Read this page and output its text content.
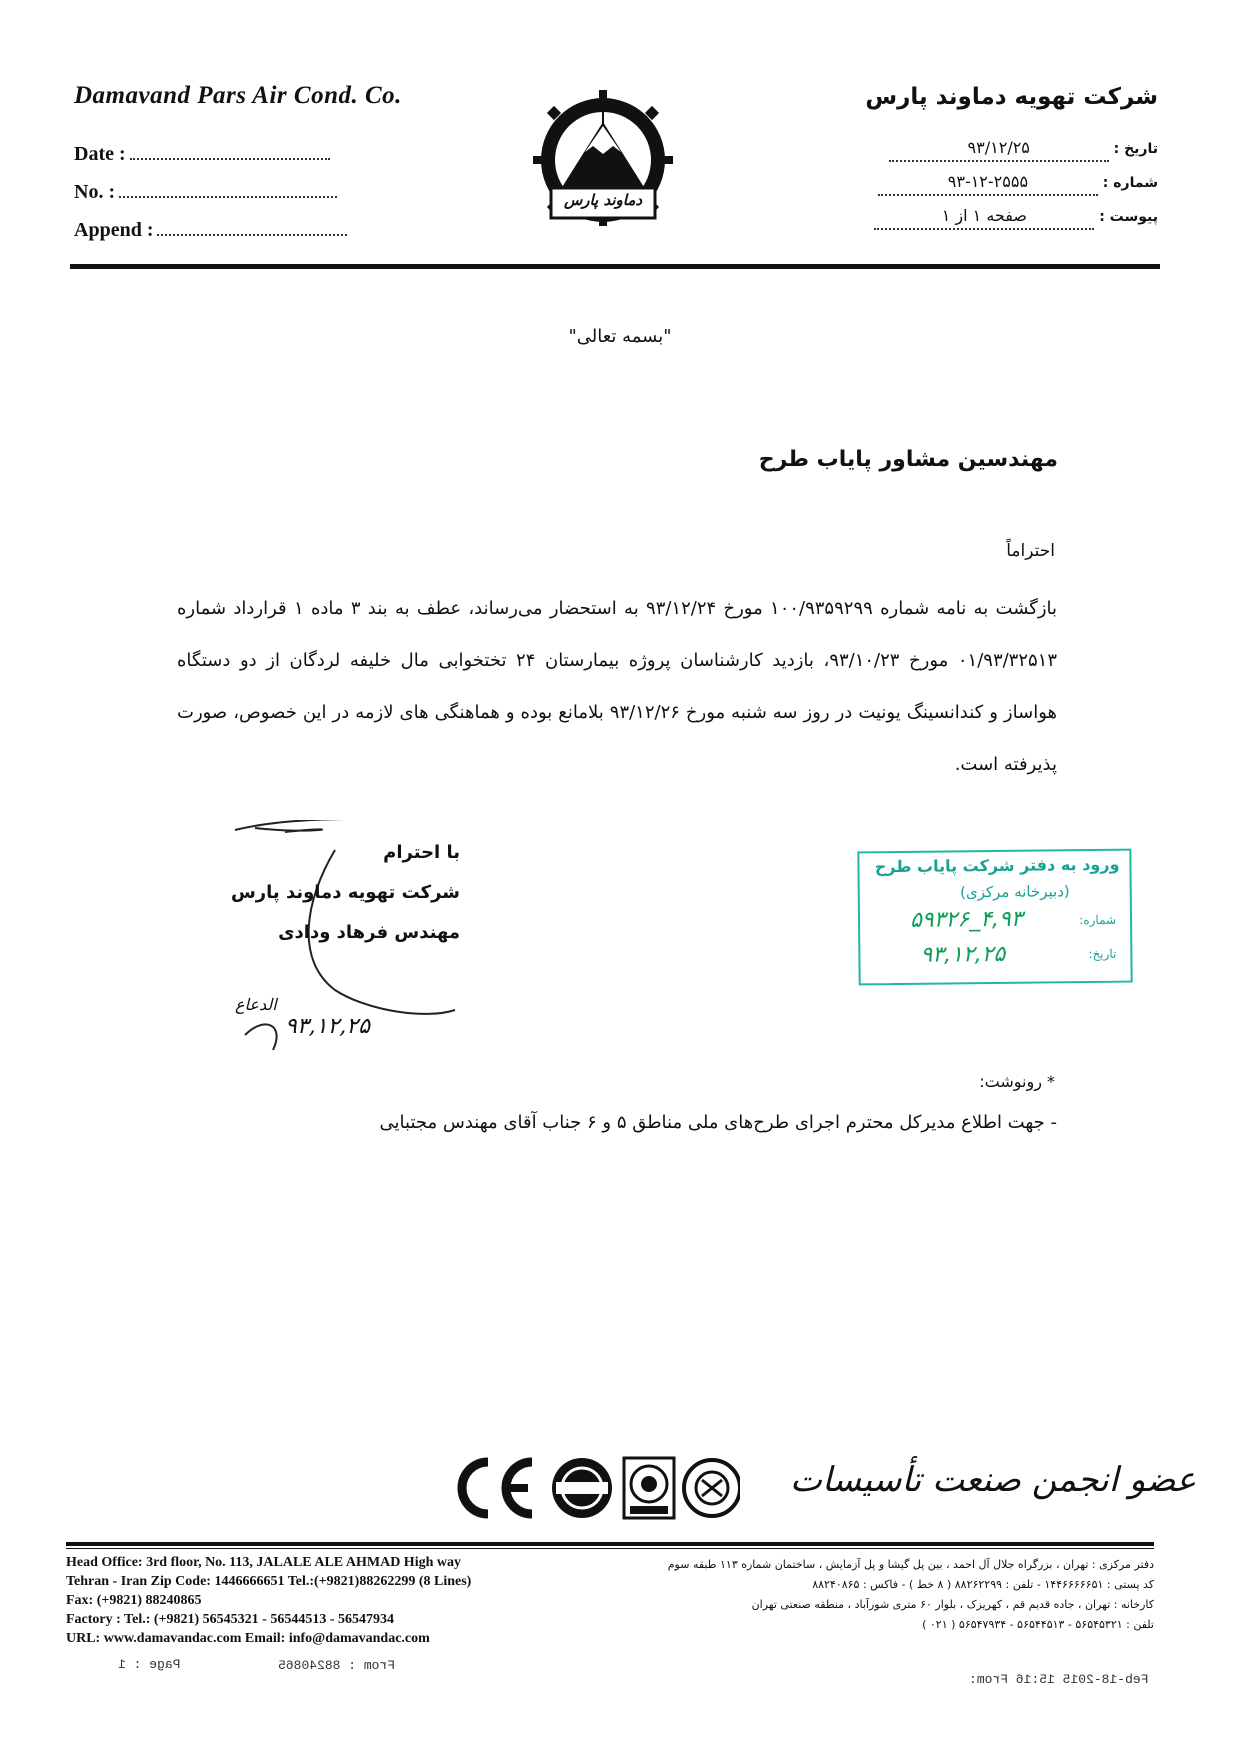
Damavand Pars Air Cond. Co.	شرکت تهویه دماوند پارس
Date :
No. :
Append :
تاریخ : ۹۳/۱۲/۲۵
شماره : ۹۳-۱۲-۲۵۵۵
پیوست : صفحه ۱ از ۱
دماوند پارس
"بسمه تعالی"
مهندسین مشاور پایاب طرح
احتراماً
بازگشت به نامه شماره ۱۰۰/۹۳۵۹۲۹۹ مورخ ۹۳/۱۲/۲۴ به استحضار می‌رساند، عطف به بند ۳ ماده ۱ قرارداد شماره ۰۱/۹۳/۳۲۵۱۳ مورخ ۹۳/۱۰/۲۳، بازدید کارشناسان پروژه بیمارستان ۲۴ تختخوابی مال خلیفه لردگان از دو دستگاه هواساز و کندانسینگ یونیت در روز سه شنبه مورخ ۹۳/۱۲/۲۶ بلامانع بوده و هماهنگی های لازمه در این خصوص، صورت پذیرفته است.
با احترام
شرکت تهویه دماوند پارس
مهندس فرهاد ودادی
الدعاع
۹۳,۱۲,۲۵
ورود به دفتر شرکت پایاب طرح
(دبیرخانه مرکزی)
شماره:
۴,۹۳_۵۹۳۲۶
تاریخ:
۹۳,۱۲,۲۵
* رونوشت:
- جهت اطلاع مدیرکل محترم اجرای طرح‌های ملی مناطق ۵ و ۶ جناب آقای مهندس مجتبایی
عضو انجمن صنعت تأسیسات
Head Office: 3rd floor, No. 113, JALALE ALE AHMAD High way
Tehran - Iran Zip Code: 1446666651 Tel.:(+9821)88262299 (8 Lines)
Fax: (+9821) 88240865
Factory : Tel.: (+9821) 56545321 - 56544513 - 56547934
URL: www.damavandac.com Email: info@damavandac.com
دفتر مرکزی : تهران ، بزرگراه جلال آل احمد ، بین پل گیشا و پل آزمایش ، ساختمان شماره ۱۱۳ طبقه سوم
کد پستی : ۱۴۴۶۶۶۶۶۵۱ - تلفن : ۸۸۲۶۲۲۹۹ ( ۸ خط ) - فاکس : ۸۸۲۴۰۸۶۵
کارخانه : تهران ، جاده قدیم قم ، کهریزک ، بلوار ۶۰ متری شورآباد ، منطقه صنعتی تهران
تلفن : ۵۶۵۴۵۳۲۱ - ۵۶۵۴۴۵۱۳ - ۵۶۵۴۷۹۳۴ ( ۰۲۱ )
Page : 1	From : 88240865
Feb-18-2015 15:16 From:
